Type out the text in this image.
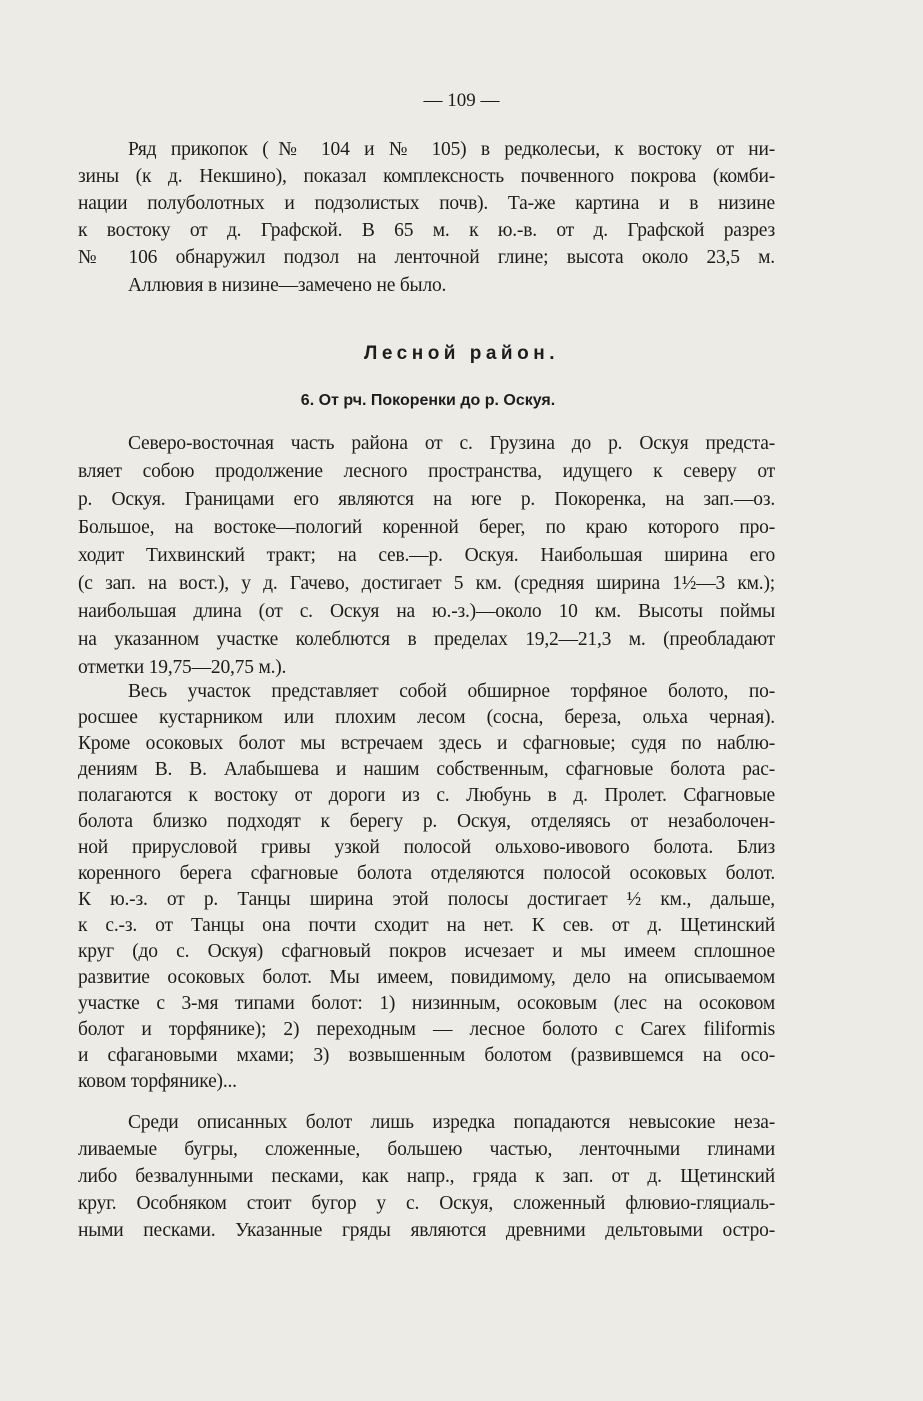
— 109 —
Ряд прикопок (№ 104 и № 105) в редколесьи, к востоку от ни-
зины (к д. Некшино), показал комплексность почвенного покрова (комби-
нации полуболотных и подзолистых почв). Та-же картина и в низине
к востоку от д. Графской. В 65 м. к ю.-в. от д. Графской разрез
№ 106 обнаружил подзол на ленточной глине; высота около 23,5 м.
Аллювия в низине—замечено не было.
Лесной район.
6. От рч. Покоренки до р. Оскуя.
Северо-восточная часть района от с. Грузина до р. Оскуя предста-
вляет собою продолжение лесного пространства, идущего к северу от
р. Оскуя. Границами его являются на юге р. Покоренка, на зап.—оз.
Большое, на востоке—пологий коренной берег, по краю которого про-
ходит Тихвинский тракт; на сев.—р. Оскуя. Наибольшая ширина его
(с зап. на вост.), у д. Гачево, достигает 5 км. (средняя ширина 1½—3 км.);
наибольшая длина (от с. Оскуя на ю.-з.)—около 10 км. Высоты поймы
на указанном участке колеблются в пределах 19,2—21,3 м. (преобладают
отметки 19,75—20,75 м.).
Весь участок представляет собой обширное торфяное болото, по-
росшее кустарником или плохим лесом (сосна, береза, ольха черная).
Кроме осоковых болот мы встречаем здесь и сфагновые; судя по наблю-
дениям В. В. Алабышева и нашим собственным, сфагновые болота рас-
полагаются к востоку от дороги из с. Любунь в д. Пролет. Сфагновые
болота близко подходят к берегу р. Оскуя, отделяясь от незаболочен-
ной прирусловой гривы узкой полосой ольхово-ивового болота. Близ
коренного берега сфагновые болота отделяются полосой осоковых болот.
К ю.-з. от р. Танцы ширина этой полосы достигает ½ км., дальше,
к с.-з. от Танцы она почти сходит на нет. К сев. от д. Щетинский
круг (до с. Оскуя) сфагновый покров исчезает и мы имеем сплошное
развитие осоковых болот. Мы имеем, повидимому, дело на описываемом
участке с 3-мя типами болот: 1) низинным, осоковым (лес на осоковом
болот и торфянике); 2) переходным — лесное болото с Carex filiformis
и сфагановыми мхами; 3) возвышенным болотом (развившемся на осо-
ковом торфянике)...
Среди описанных болот лишь изредка попадаются невысокие неза-
ливаемые бугры, сложенные, большею частью, ленточными глинами
либо безвалунными песками, как напр., гряда к зап. от д. Щетинский
круг. Особняком стоит бугор у с. Оскуя, сложенный флювио-гляциаль-
ными песками. Указанные гряды являются древними дельтовыми остро-
